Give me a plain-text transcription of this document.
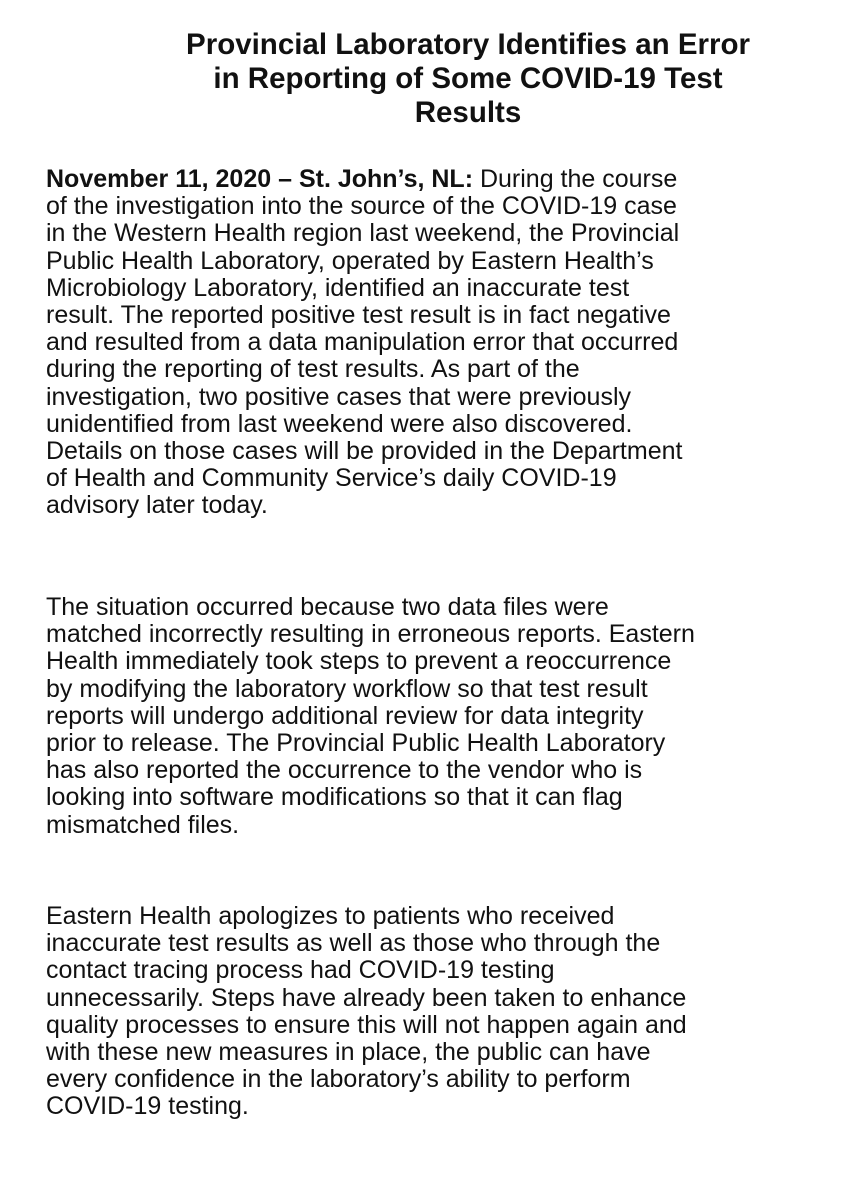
Provincial Laboratory Identifies an Error
in Reporting of Some COVID-19 Test
Results

November 11, 2020 – St. John’s, NL: During the course
of the investigation into the source of the COVID-19 case
in the Western Health region last weekend, the Provincial
Public Health Laboratory, operated by Eastern Health’s
Microbiology Laboratory, identified an inaccurate test
result. The reported positive test result is in fact negative
and resulted from a data manipulation error that occurred
during the reporting of test results. As part of the
investigation, two positive cases that were previously
unidentified from last weekend were also discovered.
Details on those cases will be provided in the Department
of Health and Community Service’s daily COVID-19
advisory later today.

The situation occurred because two data files were
matched incorrectly resulting in erroneous reports. Eastern
Health immediately took steps to prevent a reoccurrence
by modifying the laboratory workflow so that test result
reports will undergo additional review for data integrity
prior to release. The Provincial Public Health Laboratory
has also reported the occurrence to the vendor who is
looking into software modifications so that it can flag
mismatched files.

Eastern Health apologizes to patients who received
inaccurate test results as well as those who through the
contact tracing process had COVID-19 testing
unnecessarily. Steps have already been taken to enhance
quality processes to ensure this will not happen again and
with these new measures in place, the public can have
every confidence in the laboratory’s ability to perform
COVID-19 testing.
